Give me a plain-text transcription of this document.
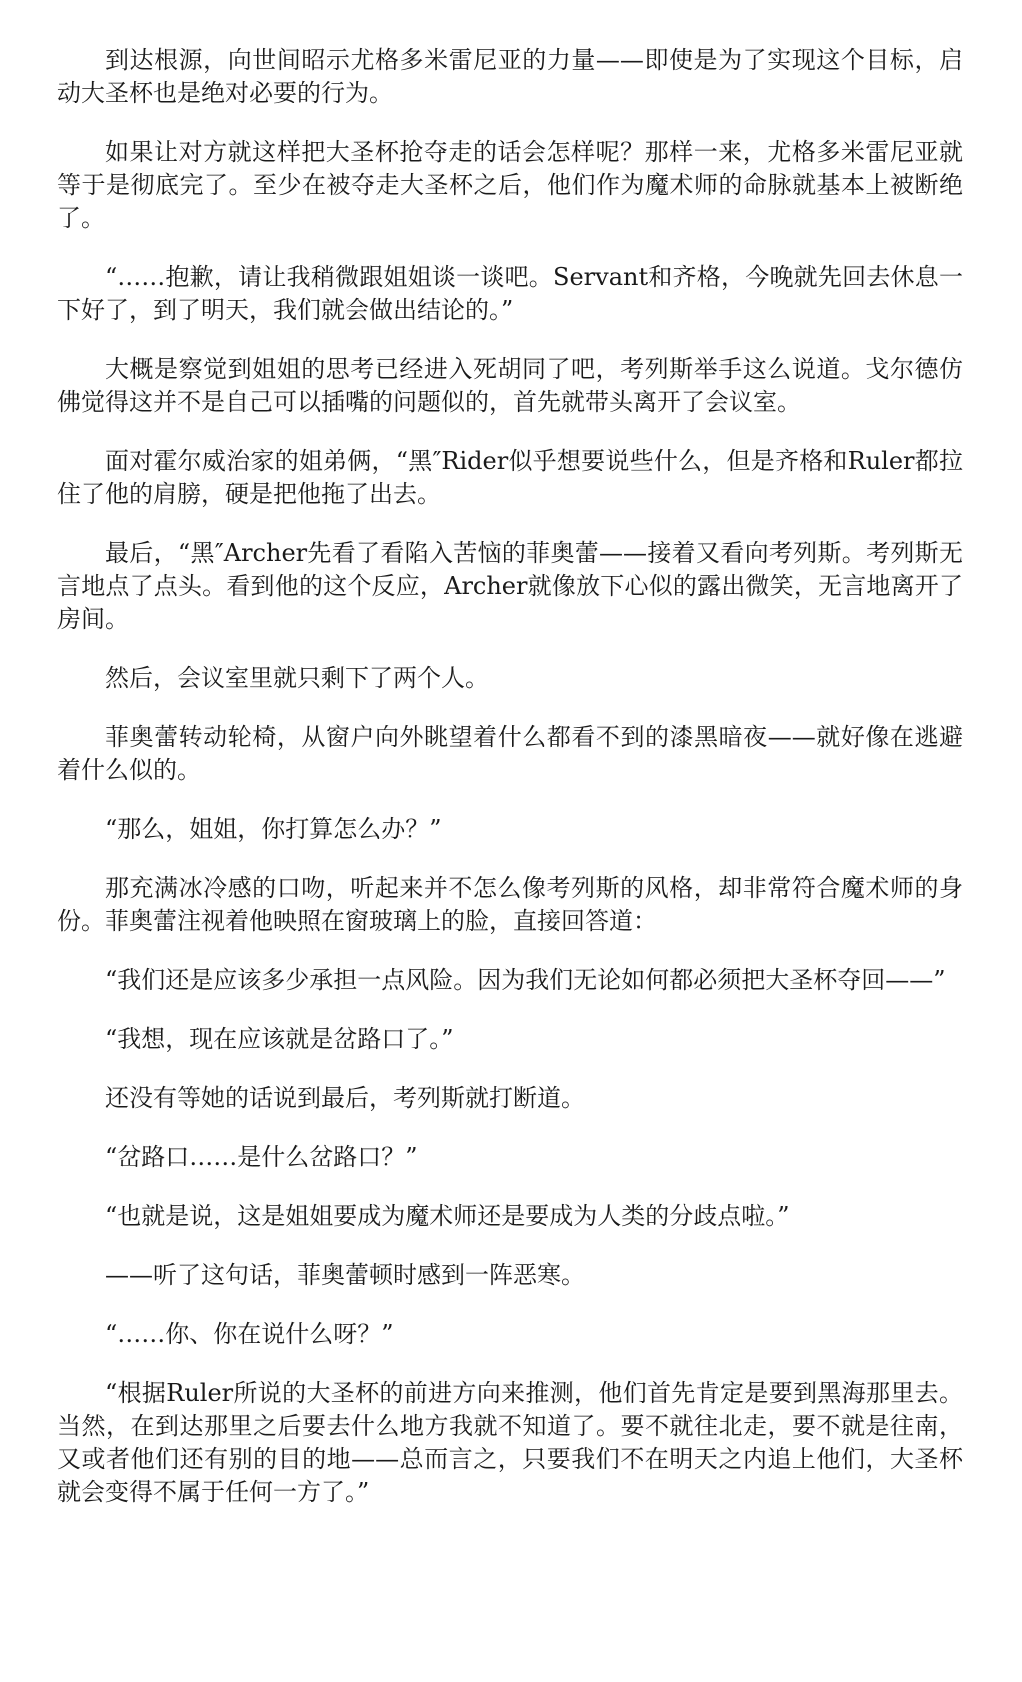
到达根源，向世间昭示尤格多米雷尼亚的力量——即使是为了实现这个目标，启动大圣杯也是绝对必要的行为。

如果让对方就这样把大圣杯抢夺走的话会怎样呢？那样一来，尤格多米雷尼亚就等于是彻底完了。至少在被夺走大圣杯之后，他们作为魔术师的命脉就基本上被断绝了。

“……抱歉，请让我稍微跟姐姐谈一谈吧。Servant和齐格，今晚就先回去休息一下好了，到了明天，我们就会做出结论的。”

大概是察觉到姐姐的思考已经进入死胡同了吧，考列斯举手这么说道。戈尔德仿佛觉得这并不是自己可以插嘴的问题似的，首先就带头离开了会议室。

面对霍尔威治家的姐弟俩，“黑″Rider似乎想要说些什么，但是齐格和Ruler都拉住了他的肩膀，硬是把他拖了出去。

最后，“黑″Archer先看了看陷入苦恼的菲奥蕾——接着又看向考列斯。考列斯无言地点了点头。看到他的这个反应，Archer就像放下心似的露出微笑，无言地离开了房间。

然后，会议室里就只剩下了两个人。

菲奥蕾转动轮椅，从窗户向外眺望着什么都看不到的漆黑暗夜——就好像在逃避着什么似的。

“那么，姐姐，你打算怎么办？”

那充满冰冷感的口吻，听起来并不怎么像考列斯的风格，却非常符合魔术师的身份。菲奥蕾注视着他映照在窗玻璃上的脸，直接回答道：

“我们还是应该多少承担一点风险。因为我们无论如何都必须把大圣杯夺回——”

“我想，现在应该就是岔路口了。”

还没有等她的话说到最后，考列斯就打断道。

“岔路口……是什么岔路口？”

“也就是说，这是姐姐要成为魔术师还是要成为人类的分歧点啦。”

——听了这句话，菲奥蕾顿时感到一阵恶寒。

“……你、你在说什么呀？”

“根据Ruler所说的大圣杯的前进方向来推测，他们首先肯定是要到黑海那里去。当然，在到达那里之后要去什么地方我就不知道了。要不就往北走，要不就是往南，又或者他们还有别的目的地——总而言之，只要我们不在明天之内追上他们，大圣杯就会变得不属于任何一方了。”
